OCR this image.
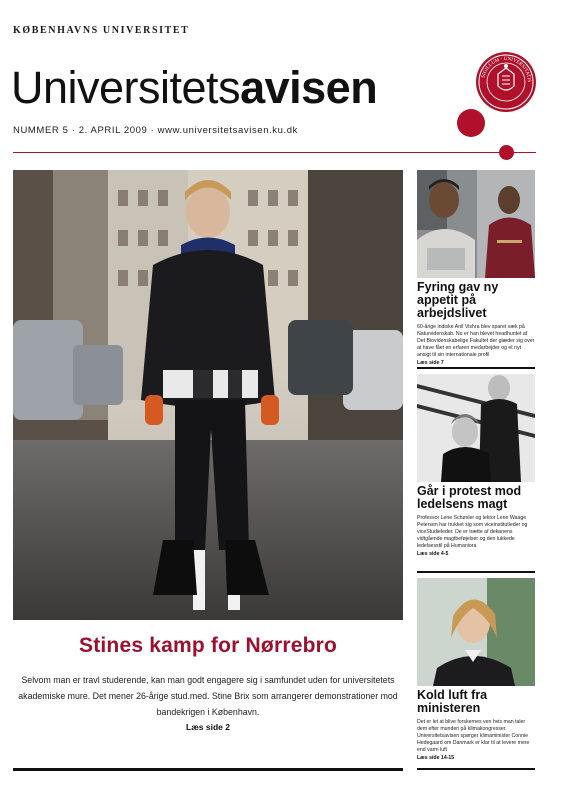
KØBENHAVNS UNIVERSITET
Universitetsavisen
NUMMER 5 · 2. APRIL 2009 · www.universitetsavisen.ku.dk
SIGILLUM · UNIVERSITATIS
Stines kamp for Nørrebro
Selvom man er travl studerende, kan man godt engagere sig i samfundet uden for universitetets akademiske mure. Det mener 26-årige stud.med. Stine Brix som arrangerer demonstrationer mod bandekrigen i København.
Læs side 2
Fyring gav ny appetit på arbejdslivet
60-årige indiske Anil Vishra blev sparet væk på Naturvidenskab. Nu er han blevet headhuntet af Det Biovidenskabelige Fakultet der glæder sig over at have fået en erfaren medarbejder og et nyt ansigt til sin internationale profil
Læs side 7
Går i protest mod ledelsens magt
Professor Lene Schøsler og lektor Lene Waage Petersen har trukket sig som viceinstitutleder og viceStudieleder. De er trætte af dekanens vidtgående magtbeføjelser og den lukkede ledelsesstil på Humaniora
Læs side 4-5
Kold luft fra ministeren
Det er let at blive forskernes ven hvis man taler dem efter munden på klimakongresser. Universitetsavisen spørger klimaminister Connie Hedegaard om Danmark er klar til at levere mere end varm luft
Læs side 14-15
